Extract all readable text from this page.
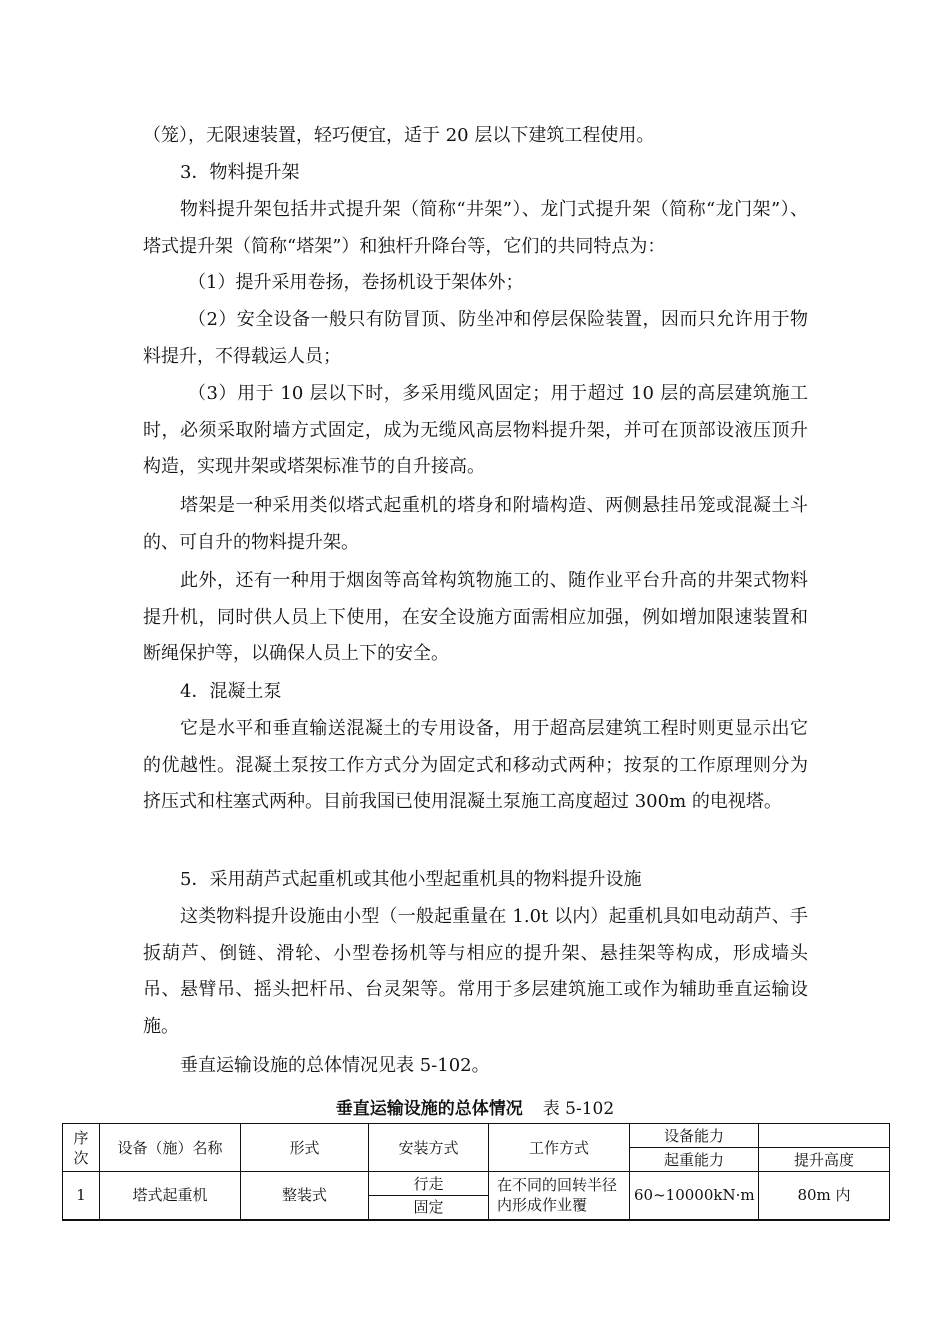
（笼），无限速装置，轻巧便宜，适于 20 层以下建筑工程使用。

3．物料提升架

物料提升架包括井式提升架（简称“井架”）、龙门式提升架（简称“龙门架”）、塔式提升架（简称“塔架”）和独杆升降台等，它们的共同特点为：

（1）提升采用卷扬，卷扬机设于架体外；

（2）安全设备一般只有防冒顶、防坐冲和停层保险装置，因而只允许用于物料提升，不得载运人员；

（3）用于 10 层以下时，多采用缆风固定；用于超过 10 层的高层建筑施工时，必须采取附墙方式固定，成为无缆风高层物料提升架，并可在顶部设液压顶升构造，实现井架或塔架标准节的自升接高。

塔架是一种采用类似塔式起重机的塔身和附墙构造、两侧悬挂吊笼或混凝土斗的、可自升的物料提升架。

此外，还有一种用于烟囱等高耸构筑物施工的、随作业平台升高的井架式物料提升机，同时供人员上下使用，在安全设施方面需相应加强，例如增加限速装置和断绳保护等，以确保人员上下的安全。

4．混凝土泵

它是水平和垂直输送混凝土的专用设备，用于超高层建筑工程时则更显示出它的优越性。混凝土泵按工作方式分为固定式和移动式两种；按泵的工作原理则分为挤压式和柱塞式两种。目前我国已使用混凝土泵施工高度超过 300m 的电视塔。

5．采用葫芦式起重机或其他小型起重机具的物料提升设施

这类物料提升设施由小型（一般起重量在 1.0t 以内）起重机具如电动葫芦、手扳葫芦、倒链、滑轮、小型卷扬机等与相应的提升架、悬挂架等构成，形成墙头吊、悬臂吊、摇头把杆吊、台灵架等。常用于多层建筑施工或作为辅助垂直运输设施。

垂直运输设施的总体情况见表 5-102。

垂直运输设施的总体情况 表 5-102
序次	设备（施）名称	形式	安装方式	工作方式	设备能力	
					起重能力	提升高度
1	塔式起重机	整装式	行走	在不同的回转半径内形成作业覆	60~10000kN·m	80m 内
			固定			
